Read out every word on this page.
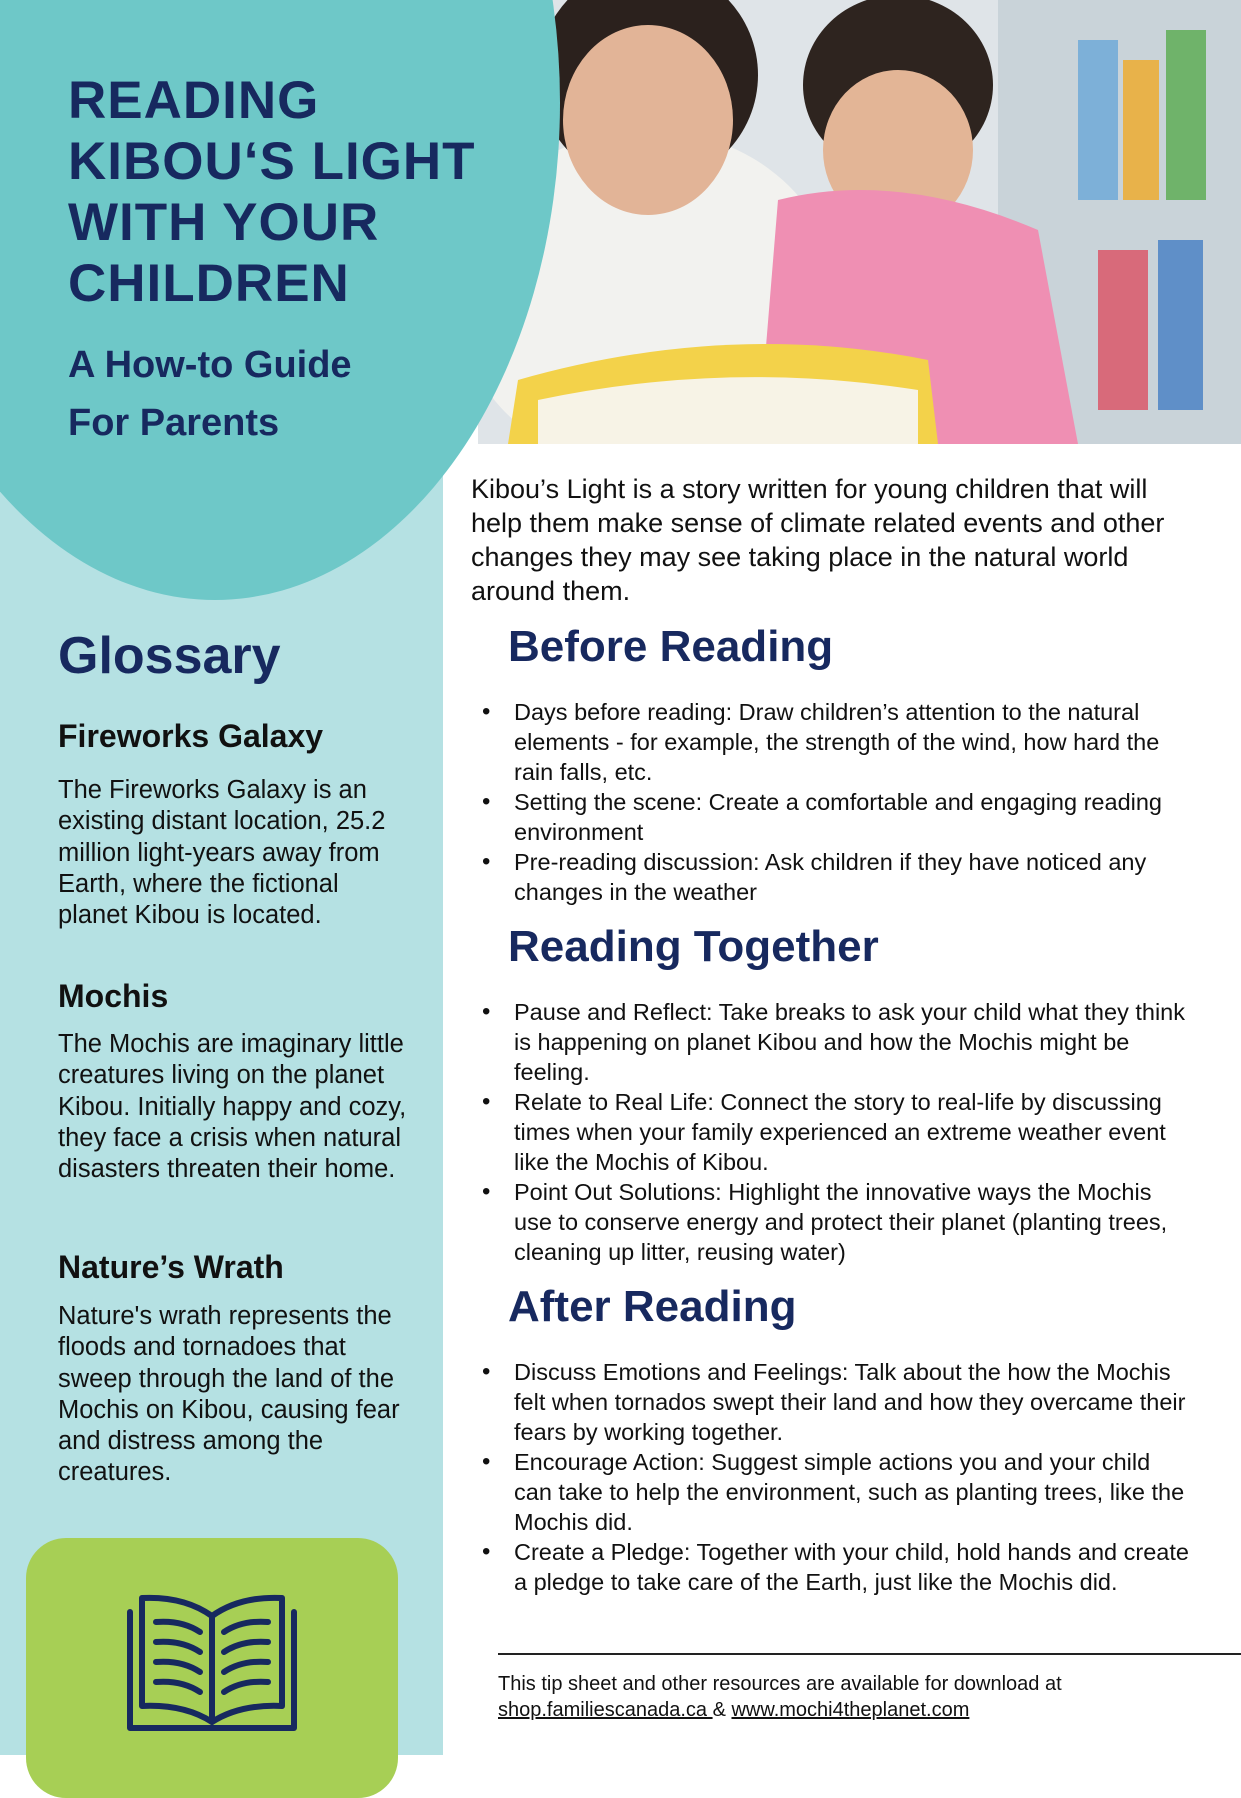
READING KIBOU‘S LIGHT WITH YOUR CHILDREN
A How-to Guide
For Parents

Kibou’s Light is a story written for young children that will help them make sense of climate related events and other changes they may see taking place in the natural world around them.

Before Reading
• Days before reading: Draw children’s attention to the natural elements - for example, the strength of the wind, how hard the rain falls, etc.
• Setting the scene: Create a comfortable and engaging reading environment
• Pre-reading discussion: Ask children if they have noticed any changes in the weather
Reading Together
• Pause and Reflect: Take breaks to ask your child what they think is happening on planet Kibou and how the Mochis might be feeling.
• Relate to Real Life: Connect the story to real-life by discussing times when your family experienced an extreme weather event like the Mochis of Kibou.
• Point Out Solutions: Highlight the innovative ways the Mochis use to conserve energy and protect their planet (planting trees, cleaning up litter, reusing water)
After Reading
• Discuss Emotions and Feelings: Talk about the how the Mochis felt when tornados swept their land and how they overcame their fears by working together.
• Encourage Action: Suggest simple actions you and your child can take to help the environment, such as planting trees, like the Mochis did.
• Create a Pledge: Together with your child, hold hands and create a pledge to take care of the Earth, just like the Mochis did.
Glossary
Fireworks Galaxy

The Fireworks Galaxy is an existing distant location, 25.2 million light-years away from Earth, where the fictional planet Kibou is located.

Mochis

The Mochis are imaginary little creatures living on the planet Kibou. Initially happy and cozy, they face a crisis when natural disasters threaten their home.

Nature’s Wrath

Nature's wrath represents the floods and tornadoes that sweep through the land of the Mochis on Kibou, causing fear and distress among the creatures.

This tip sheet and other resources are available for download at
shop.familiescanada.ca & www.mochi4theplanet.com
